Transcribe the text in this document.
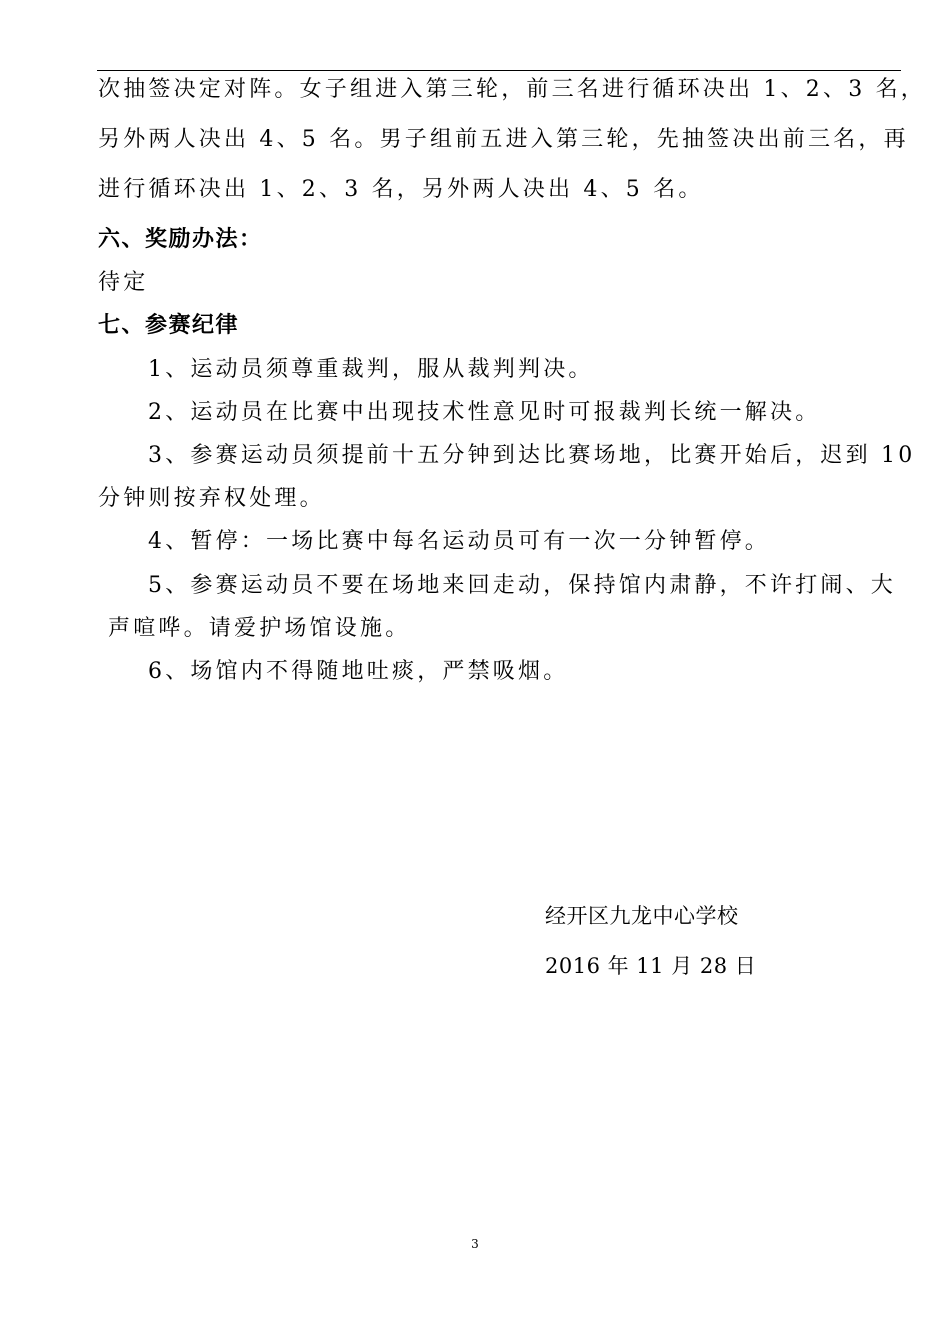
次抽签决定对阵。女子组进入第三轮，前三名进行循环决出 1、2、3 名，
另外两人决出 4、5 名。男子组前五进入第三轮，先抽签决出前三名，再
进行循环决出 1、2、3 名，另外两人决出 4、5 名。
六、奖励办法：
待定
七、参赛纪律
1、运动员须尊重裁判，服从裁判判决。
2、运动员在比赛中出现技术性意见时可报裁判长统一解决。
3、参赛运动员须提前十五分钟到达比赛场地，比赛开始后，迟到 10
分钟则按弃权处理。
4、暂停：一场比赛中每名运动员可有一次一分钟暂停。
5、参赛运动员不要在场地来回走动，保持馆内肃静，不许打闹、大
声喧哗。请爱护场馆设施。
6、场馆内不得随地吐痰，严禁吸烟。
经开区九龙中心学校
2016 年 11 月 28 日
3
